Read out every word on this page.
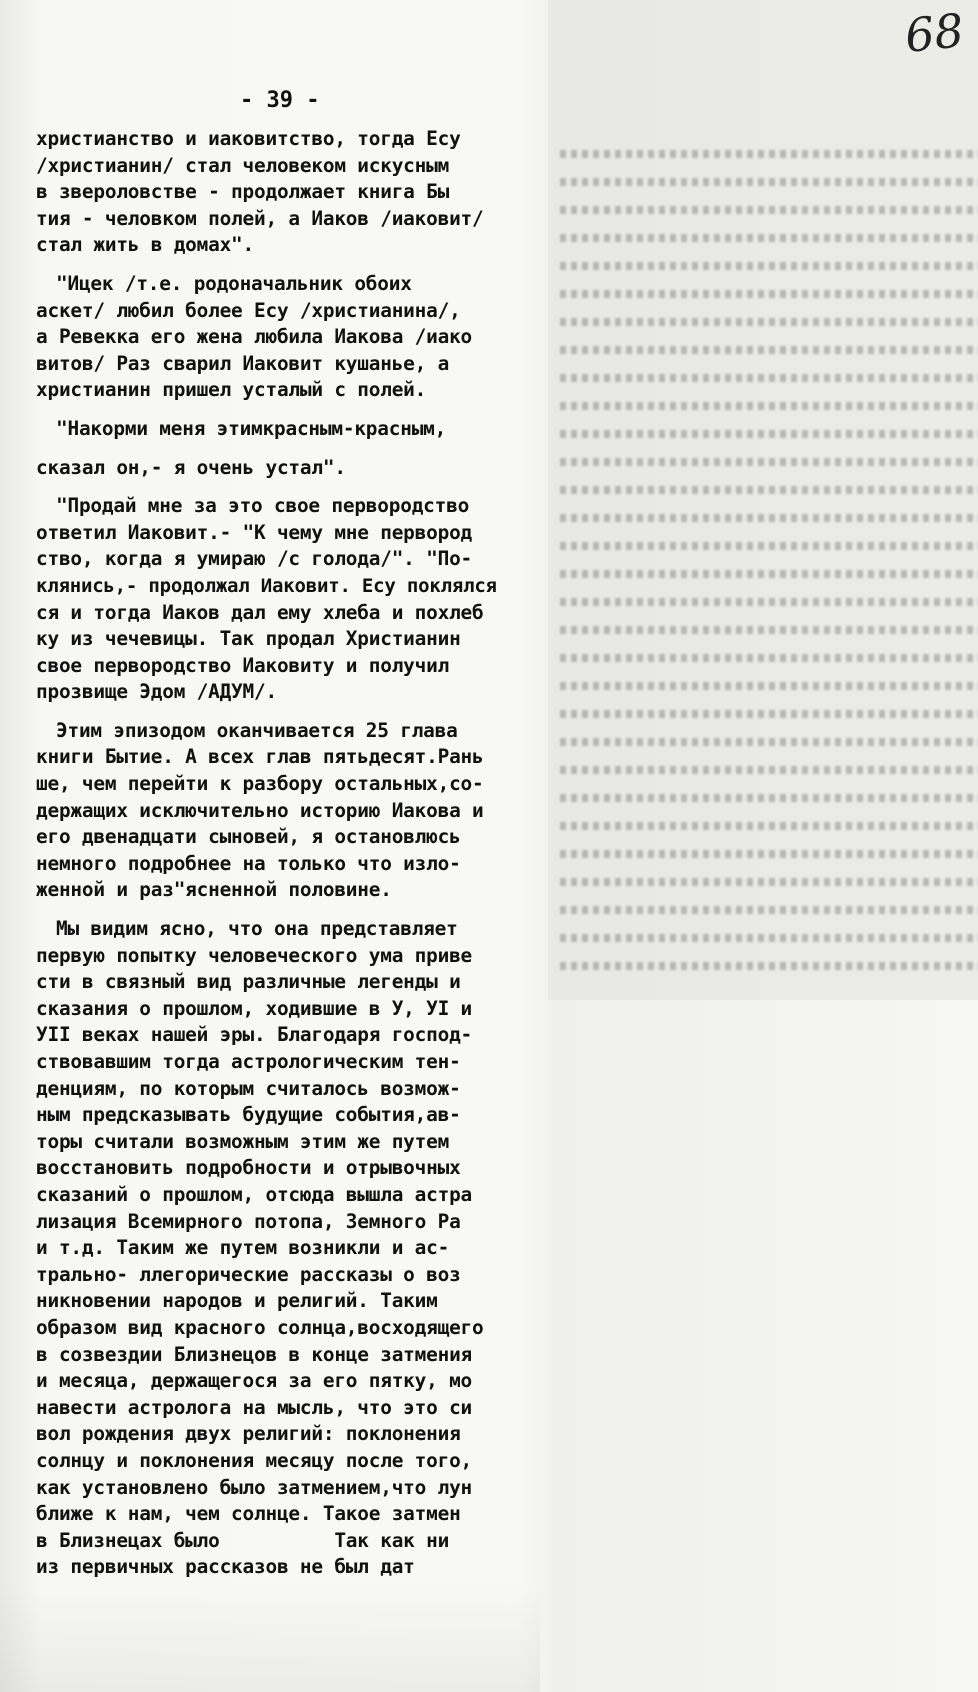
68
- 39 -
христианство и иаковитство, тогда Есу
/христианин/ стал человеком искусным
в звероловстве - продолжает книга Бы
тия - человком полей, а Иаков /иаковит/
стал жить в домах".
"Ицек /т.е. родоначальник обоих
аскет/ любил более Есу /христианина/,
а Ревекка его жена любила Иакова /иако
витов/ Раз сварил Иаковит кушанье, а
христианин пришел усталый с полей.
"Накорми меня этимкрасным-красным,
сказал он,- я очень устал".
"Продай мне за это свое первородство
ответил Иаковит.- "К чему мне первород
ство, когда я умираю /с голода/". "По-
клянись,- продолжал Иаковит. Есу поклялся
ся и тогда Иаков дал ему хлеба и похлеб
ку из чечевицы. Так продал Христианин
свое первородство Иаковиту и получил
прозвище Эдом /АДУМ/.
Этим эпизодом оканчивается 25 глава
книги Бытие. А всех глав пятьдесят.Рань
ше, чем перейти к разбору остальных,со-
держащих исключительно историю Иакова и
его двенадцати сыновей, я остановлюсь
немного подробнее на только что изло-
женной и раз"ясненной половине.
Мы видим ясно, что она представляет
первую попытку человеческого ума приве
сти в связный вид различные легенды и
сказания о прошлом, ходившие в У, УI и
УII веках нашей эры. Благодаря господ-
ствовавшим тогда астрологическим тен-
денциям, по которым считалось возмож-
ным предсказывать будущие события,ав-
торы считали возможным этим же путем
восстановить подробности и отрывочных
сказаний о прошлом, отсюда вышла астра
лизация Всемирного потопа, Земного Ра
и т.д. Таким же путем возникли и ас-
трально- ллегорические рассказы о воз
никновении народов и религий. Таким
образом вид красного солнца,восходящего
в созвездии Близнецов в конце затмения
и месяца, держащегося за его пятку, мо
навести астролога на мысль, что это си
вол рождения двух религий: поклонения
солнцу и поклонения месяцу после того,
как установлено было затмением,что лун
ближе к нам, чем солнце. Такое затмен
в Близнецах было          Так как ни
из первичных рассказов не был дат
